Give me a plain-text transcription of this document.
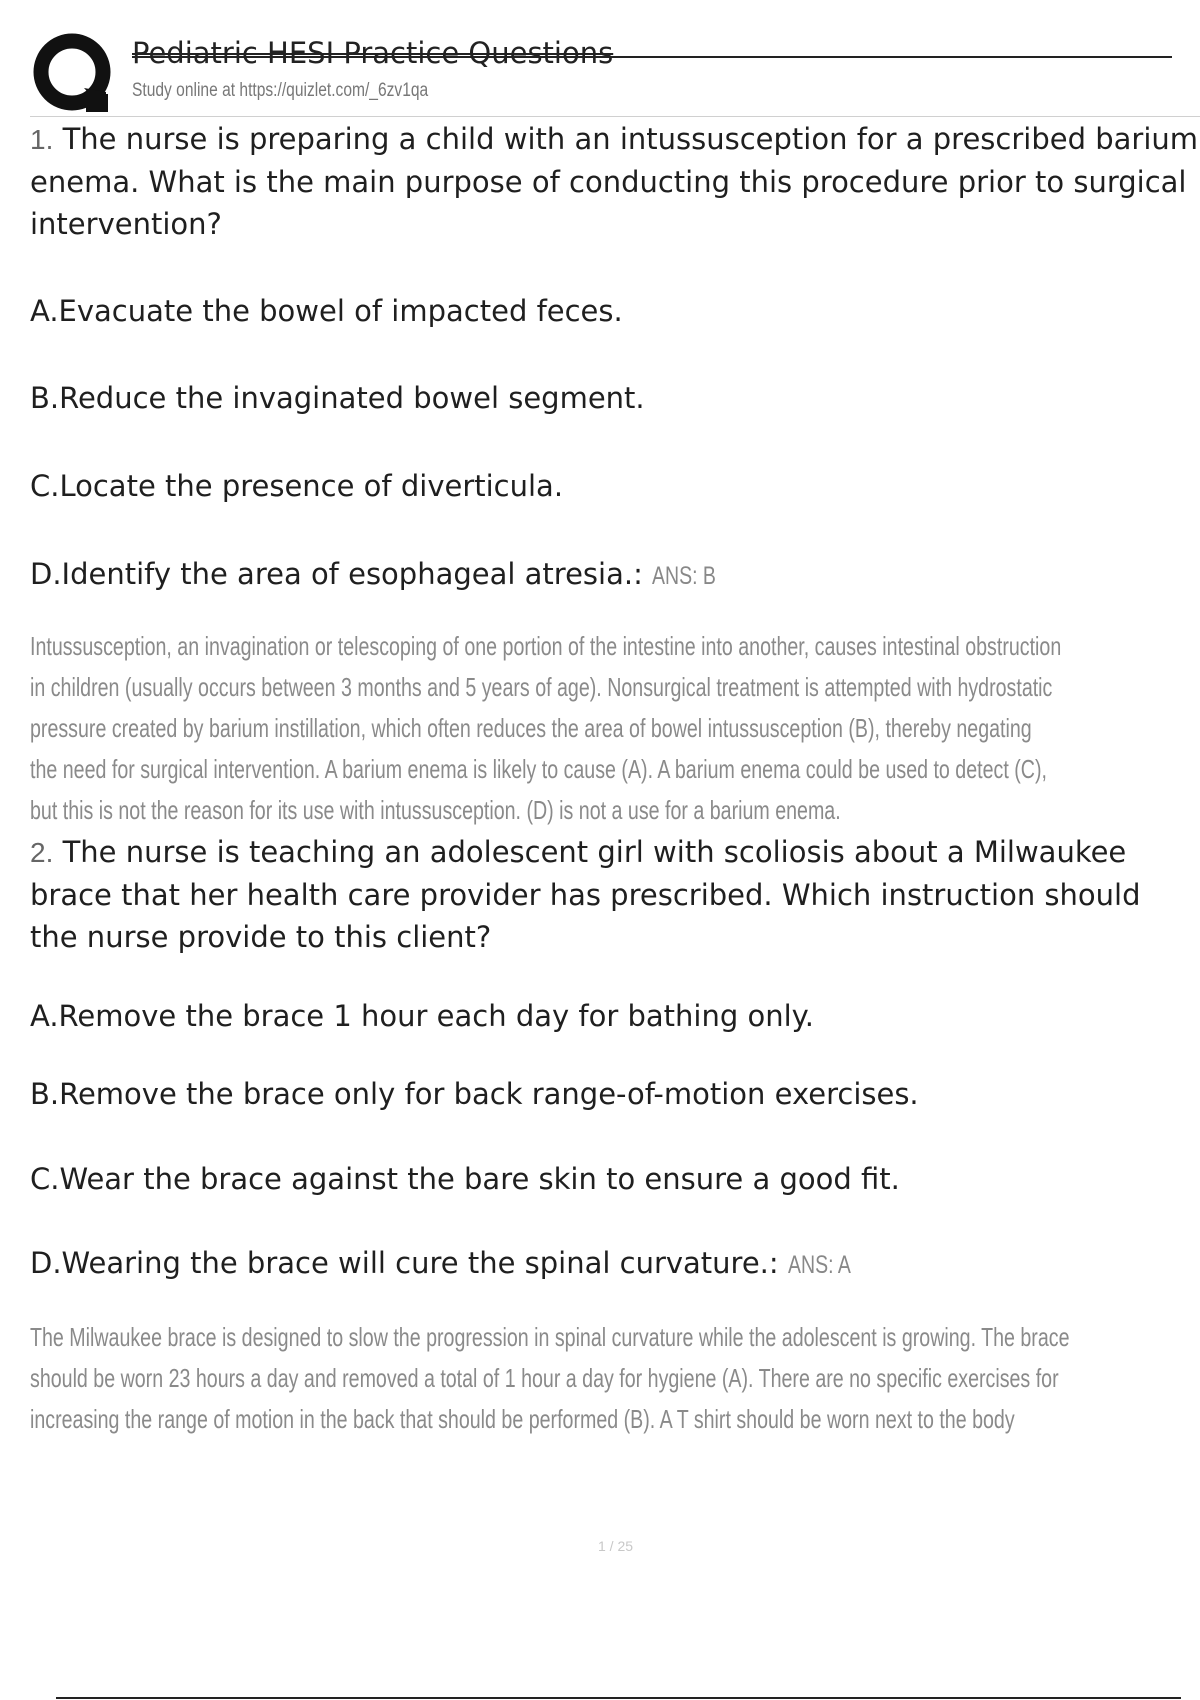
Pediatric HESI Practice Questions
Study online at https://quizlet.com/_6zv1qa
1. The nurse is preparing a child with an intussusception for a prescribed barium
enema. What is the main purpose of conducting this procedure prior to surgical
intervention?
A.Evacuate the bowel of impacted feces.
B.Reduce the invaginated bowel segment.
C.Locate the presence of diverticula.
D.Identify the area of esophageal atresia.: ANS: B
Intussusception, an invagination or telescoping of one portion of the intestine into another, causes intestinal obstruction
in children (usually occurs between 3 months and 5 years of age). Nonsurgical treatment is attempted with hydrostatic
pressure created by barium instillation, which often reduces the area of bowel intussusception (B), thereby negating
the need for surgical intervention. A barium enema is likely to cause (A). A barium enema could be used to detect (C),
but this is not the reason for its use with intussusception. (D) is not a use for a barium enema.
2. The nurse is teaching an adolescent girl with scoliosis about a Milwaukee
brace that her health care provider has prescribed. Which instruction should
the nurse provide to this client?
A.Remove the brace 1 hour each day for bathing only.
B.Remove the brace only for back range-of-motion exercises.
C.Wear the brace against the bare skin to ensure a good fit.
D.Wearing the brace will cure the spinal curvature.: ANS: A
The Milwaukee brace is designed to slow the progression in spinal curvature while the adolescent is growing. The brace
should be worn 23 hours a day and removed a total of 1 hour a day for hygiene (A). There are no specific exercises for
increasing the range of motion in the back that should be performed (B). A T shirt should be worn next to the body
1 / 25
